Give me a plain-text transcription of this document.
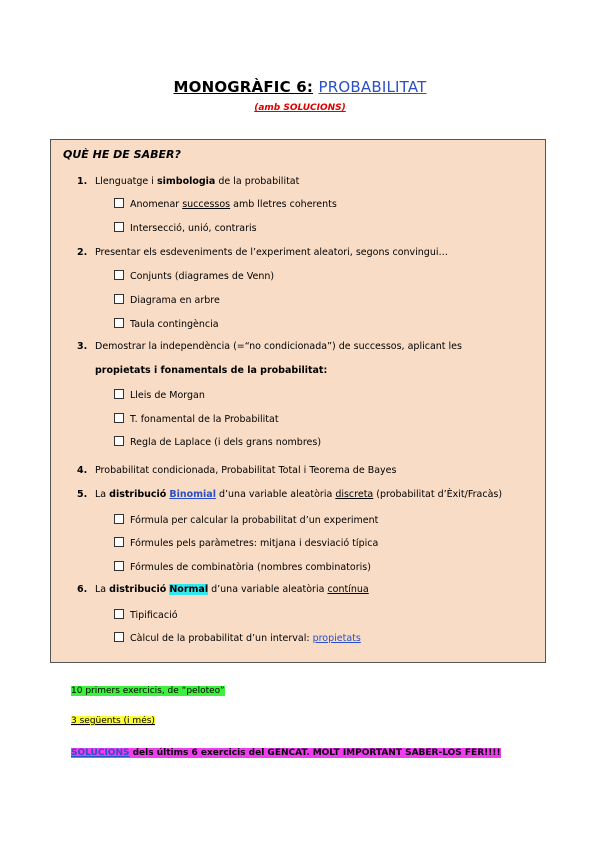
MONOGRÀFIC 6: PROBABILITAT
(amb SOLUCIONS)
QUÈ HE DE SABER?
1. Llenguatge i simbologia de la probabilitat
Anomenar successos amb lletres coherents
Intersecció, unió, contraris
2. Presentar els esdeveniments de l’experiment aleatori, segons convingui…
Conjunts (diagrames de Venn)
Diagrama en arbre
Taula contingència
3. Demostrar la independència (=“no condicionada”) de successos, aplicant les
propietats i fonamentals de la probabilitat:
Lleis de Morgan
T. fonamental de la Probabilitat
Regla de Laplace (i dels grans nombres)
4. Probabilitat condicionada, Probabilitat Total i Teorema de Bayes
5. La distribució Binomial d’una variable aleatòria discreta (probabilitat d’Èxit/Fracàs)
Fórmula per calcular la probabilitat d’un experiment
Fórmules pels paràmetres: mitjana i desviació típica
Fórmules de combinatòria (nombres combinatoris)
6. La distribució Normal d’una variable aleatòria contínua
Tipificació
Càlcul de la probabilitat d’un interval: propietats
10 primers exercicis, de “peloteo”
3 següents (i més)
SOLUCIONS dels últims 6 exercicis del GENCAT. MOLT IMPORTANT SABER-LOS FER!!!!
